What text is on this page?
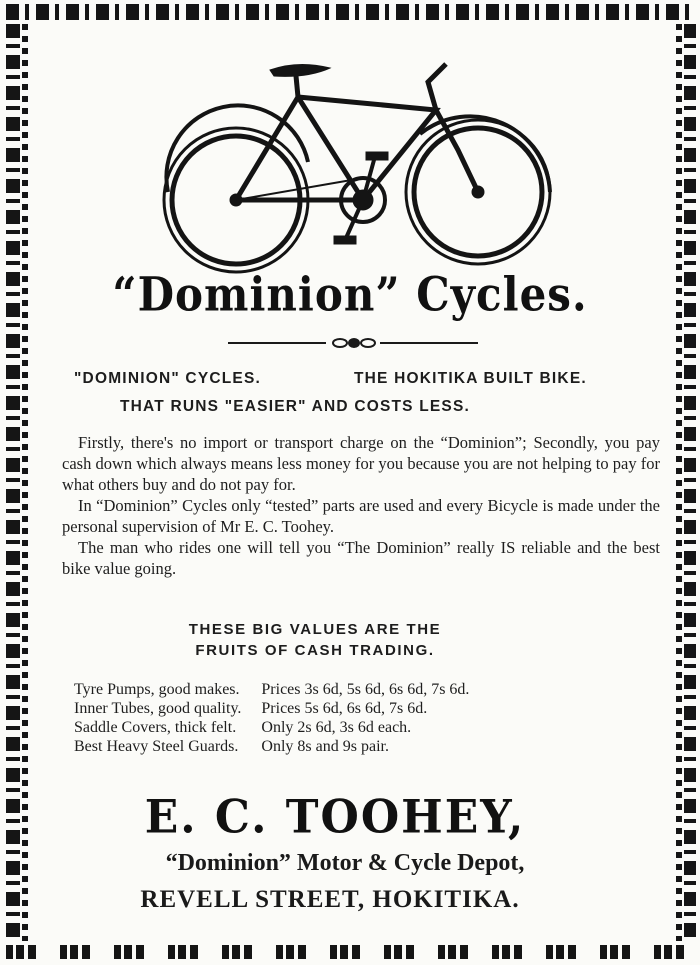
“Dominion” Cycles.
"DOMINION" CYCLES.	THE HOKITIKA BUILT BIKE.
THAT RUNS "EASIER" AND COSTS LESS.

Firstly, there's no import or transport charge on the “Dominion”; Secondly, you pay cash down which always means less money for you because you are not helping to pay for what others buy and do not pay for.

In “Dominion” Cycles only “tested” parts are used and every Bicycle is made under the personal supervision of Mr E. C. Toohey.

The man who rides one will tell you “The Dominion” really IS reliable and the best bike value going.

THESE BIG VALUES ARE THE
FRUITS OF CASH TRADING.
Tyre Pumps, good makes.	Prices 3s 6d, 5s 6d, 6s 6d, 7s 6d.
Inner Tubes, good quality.	Prices 5s 6d, 6s 6d, 7s 6d.
Saddle Covers, thick felt.	Only 2s 6d, 3s 6d each.
Best Heavy Steel Guards.	Only 8s and 9s pair.
E. C. TOOHEY,
“Dominion” Motor & Cycle Depot,
REVELL STREET, HOKITIKA.
